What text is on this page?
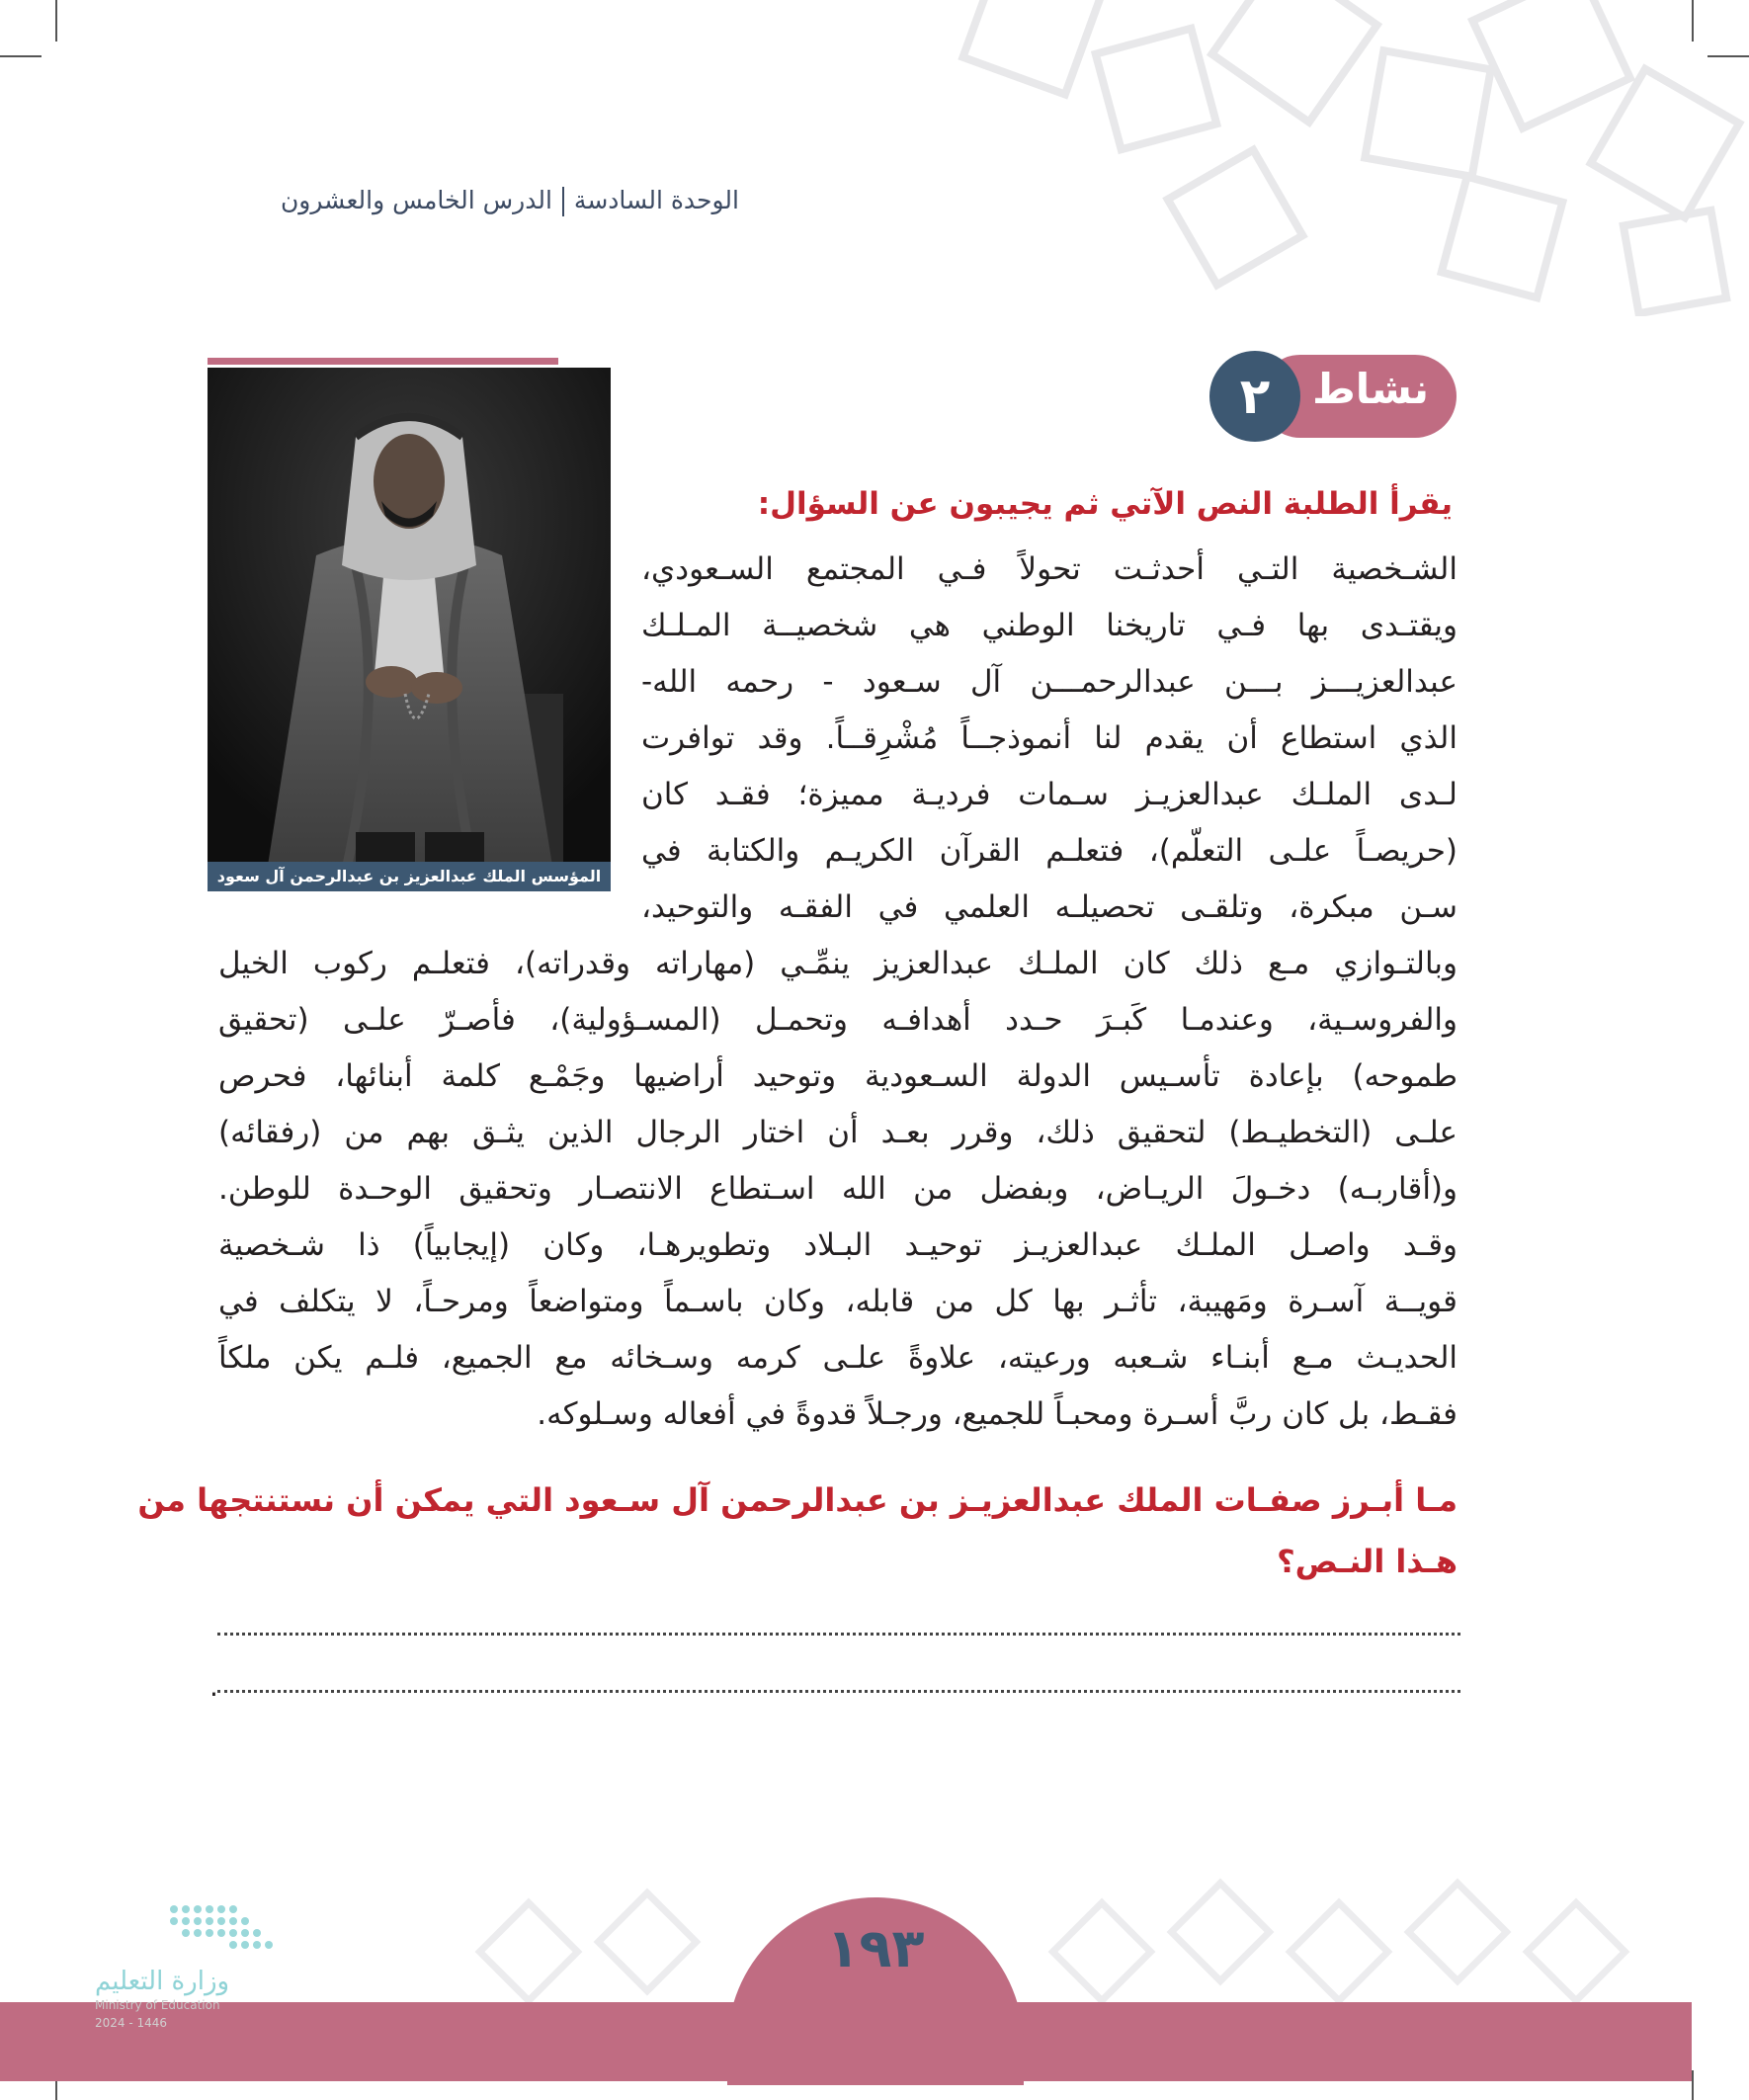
الوحدة السادسةالدرس الخامس والعشرون
نشاط
٢
المؤسس الملك عبدالعزيز بن عبدالرحمن آل سعود
يقرأ الطلبة النص الآتي ثم يجيبون عن السؤال:
الشـخصية التـي أحدثـت تحولاً فـي المجتمع السـعودي،
ويقتـدى بها فـي تاريخنا الوطني هي شخصيــة المـلـك
عبدالعزيـــز بـــن عبدالرحمـــن آل سـعود - رحمه الله-
الذي استطاع أن يقدم لنا أنموذجــاً مُشْرِقــاً. وقد توافرت
لـدى الملـك عبدالعزيـز سـمات فرديـة مميزة؛ فقـد كان
(حريصـاً علـى التعلّم)، فتعلـم القرآن الكريـم والكتابة في
سـن مبكرة، وتلقـى تحصيلـه العلمي في الفقـه والتوحيد،
وبالتـوازي مـع ذلك كان الملـك عبدالعزيز ينمِّـي (مهاراته وقدراته)، فتعلـم ركوب الخيل
والفروسـية، وعندمـا كَبـرَ حـدد أهدافـه وتحمـل (المسـؤولية)، فأصـرّ علـى (تحقيق
طموحه) بإعادة تأسـيس الدولة السـعودية وتوحيد أراضيها وجَمْـع كلمة أبنائها، فحرص
علـى (التخطيـط) لتحقيق ذلك، وقرر بعـد أن اختار الرجال الذين يثـق بهم من (رفقائه)
و(أقاربـه) دخـولَ الريـاض، وبفضل من الله اسـتطاع الانتصـار وتحقيق الوحـدة للوطن.
وقـد واصـل الملـك عبدالعزيـز توحيـد البـلاد وتطويرهـا، وكان (إيجابياً) ذا شـخصية
قويــة آسـرة ومَهيبة، تأثـر بها كل من قابله، وكان باسـماً ومتواضعاً ومرحـاً، لا يتكلف في
الحديـث مـع أبنـاء شـعبه ورعيته، علاوةً علـى كرمه وسـخائه مع الجميع، فلـم يكن ملكاً
فقـط، بل كان ربَّ أسـرة ومحبـاً للجميع، ورجـلاً قدوةً في أفعاله وسـلوكه.
مـا أبـرز صفـات الملك عبدالعزيـز بن عبدالرحمن آل سـعود التي يمكن أن نستنتجها من
هـذا النـص؟
.
١٩٣
وزارة التعليم
Ministry of Education
2024 - 1446
